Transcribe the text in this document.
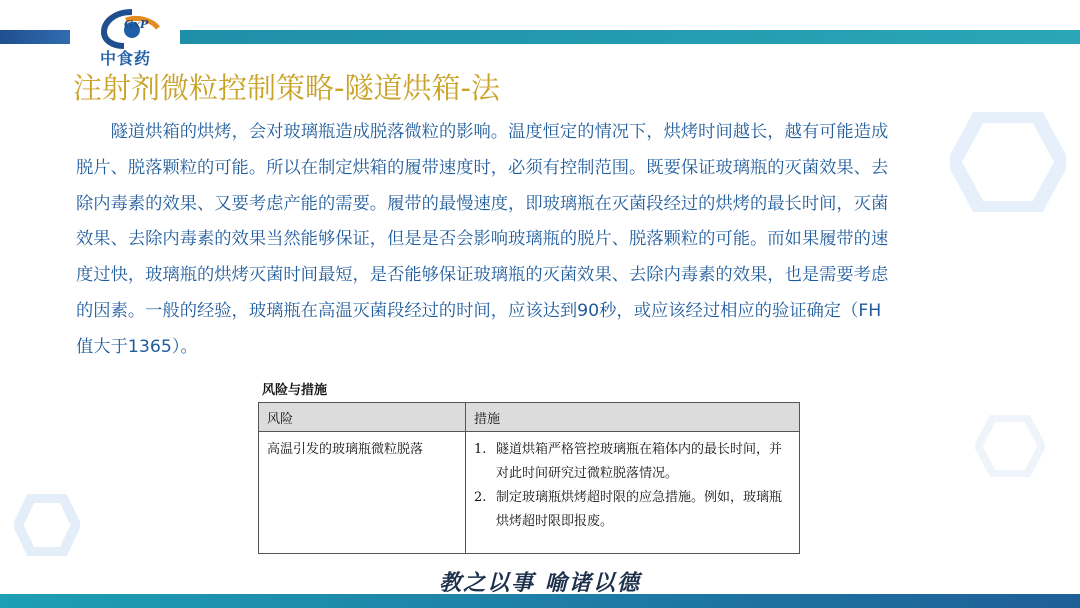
GxP
中食药
注射剂微粒控制策略-隧道烘箱-法

隧道烘箱的烘烤，会对玻璃瓶造成脱落微粒的影响。温度恒定的情况下，烘烤时间越长，越有可能造成脱片、脱落颗粒的可能。所以在制定烘箱的履带速度时，必须有控制范围。既要保证玻璃瓶的灭菌效果、去除内毒素的效果、又要考虑产能的需要。履带的最慢速度，即玻璃瓶在灭菌段经过的烘烤的最长时间，灭菌效果、去除内毒素的效果当然能够保证，但是是否会影响玻璃瓶的脱片、脱落颗粒的可能。而如果履带的速度过快，玻璃瓶的烘烤灭菌时间最短，是否能够保证玻璃瓶的灭菌效果、去除内毒素的效果，也是需要考虑的因素。一般的经验，玻璃瓶在高温灭菌段经过的时间，应该达到90秒，或应该经过相应的验证确定（FH值大于1365）。

风险与措施
风险	措施
高温引发的玻璃瓶微粒脱落	1. 隧道烘箱严格管控玻璃瓶在箱体内的最长时间，并对此时间研究过微粒脱落情况。
2. 制定玻璃瓶烘烤超时限的应急措施。例如，玻璃瓶烘烤超时限即报废。
教之以事 喻诸以德
